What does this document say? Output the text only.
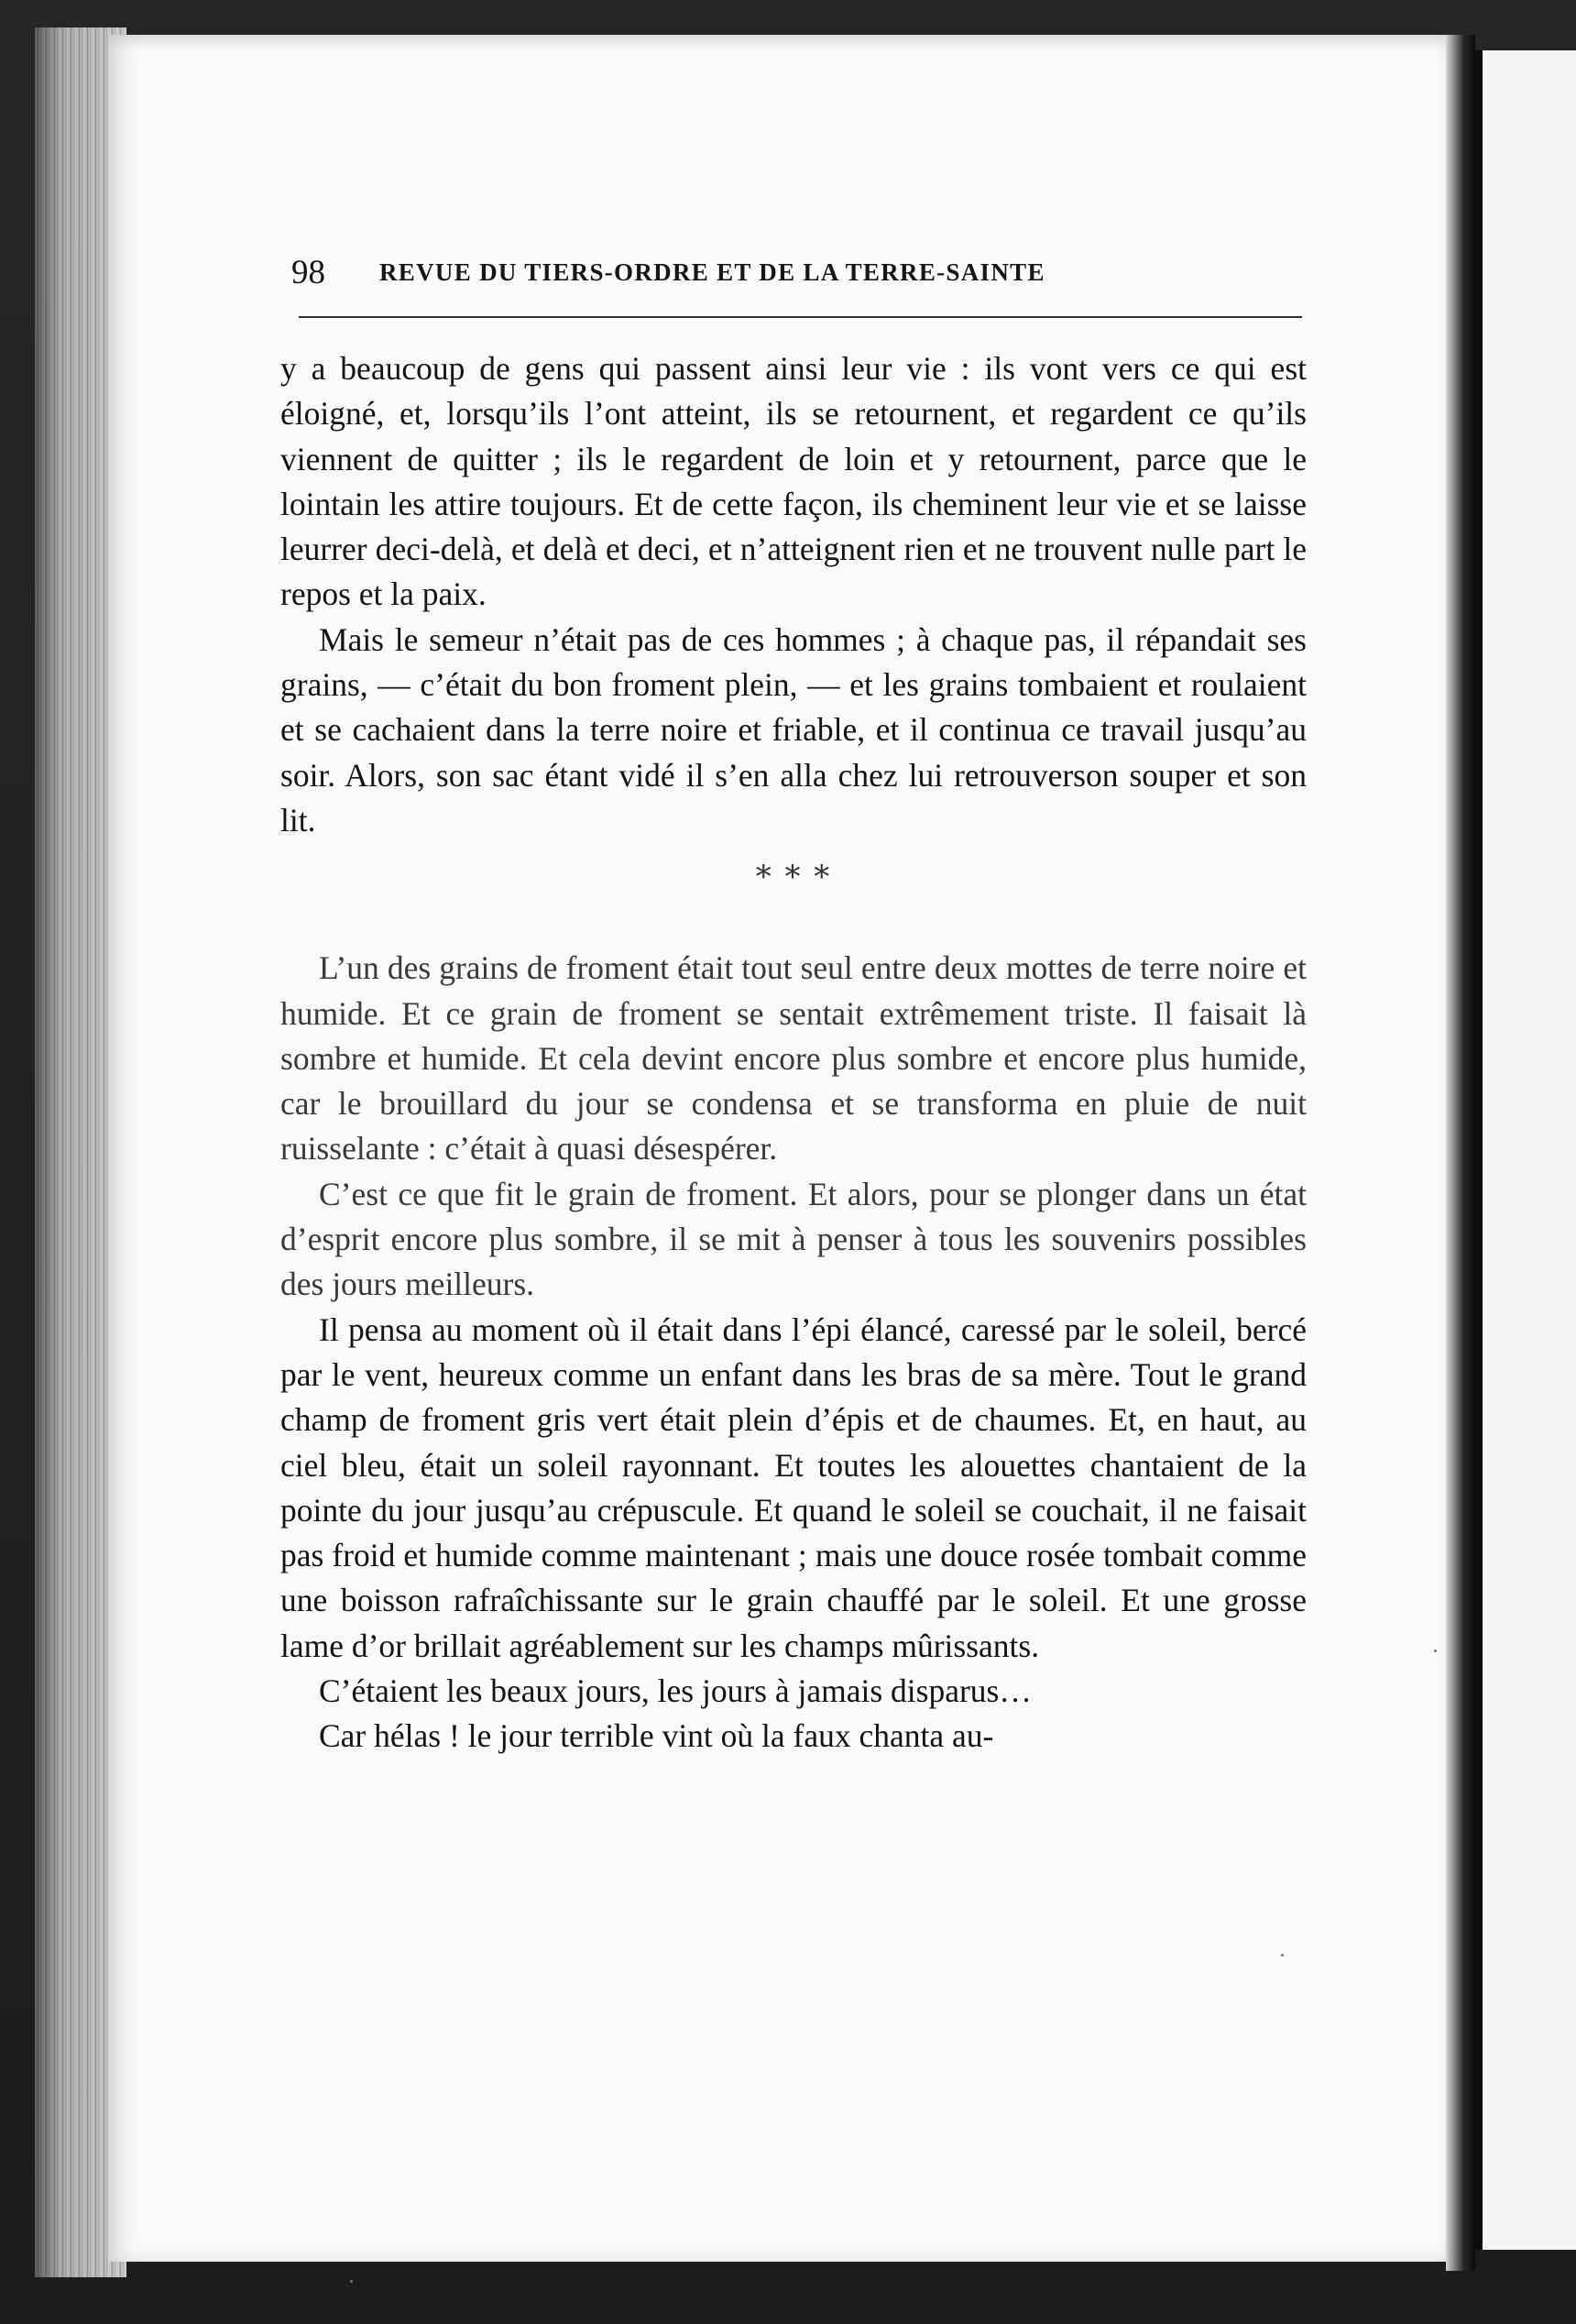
98 REVUE DU TIERS-ORDRE ET DE LA TERRE-SAINTE

y a beaucoup de gens qui passent ainsi leur vie : ils vont vers ce qui est éloigné, et, lorsqu’ils l’ont atteint, ils se retournent, et regardent ce qu’ils viennent de quitter ; ils le regardent de loin et y retournent, parce que le lointain les attire toujours. Et de cette façon, ils cheminent leur vie et se laisse leurrer deci-delà, et delà et deci, et n’atteignent rien et ne trouvent nulle part le repos et la paix.

Mais le semeur n’était pas de ces hommes ; à chaque pas, il répandait ses grains, — c’était du bon froment plein, — et les grains tombaient et roulaient et se cachaient dans la terre noire et friable, et il continua ce travail jusqu’au soir. Alors, son sac étant vidé il s’en alla chez lui retrouverson souper et son lit.

* * *

L’un des grains de froment était tout seul entre deux mottes de terre noire et humide. Et ce grain de froment se sentait extrêmement triste. Il faisait là sombre et humide. Et cela devint encore plus sombre et encore plus humide, car le brouillard du jour se condensa et se transforma en pluie de nuit ruisselante : c’était à quasi désespérer.

C’est ce que fit le grain de froment. Et alors, pour se plonger dans un état d’esprit encore plus sombre, il se mit à penser à tous les souvenirs possibles des jours meilleurs.

Il pensa au moment où il était dans l’épi élancé, caressé par le soleil, bercé par le vent, heureux comme un enfant dans les bras de sa mère. Tout le grand champ de froment gris vert était plein d’épis et de chaumes. Et, en haut, au ciel bleu, était un soleil rayonnant. Et toutes les alouettes chantaient de la pointe du jour jusqu’au crépuscule. Et quand le soleil se couchait, il ne faisait pas froid et humide comme maintenant ; mais une douce rosée tombait comme une boisson rafraîchissante sur le grain chauffé par le soleil. Et une grosse lame d’or brillait agréablement sur les champs mûrissants.

C’étaient les beaux jours, les jours à jamais disparus…

Car hélas ! le jour terrible vint où la faux chanta au-
